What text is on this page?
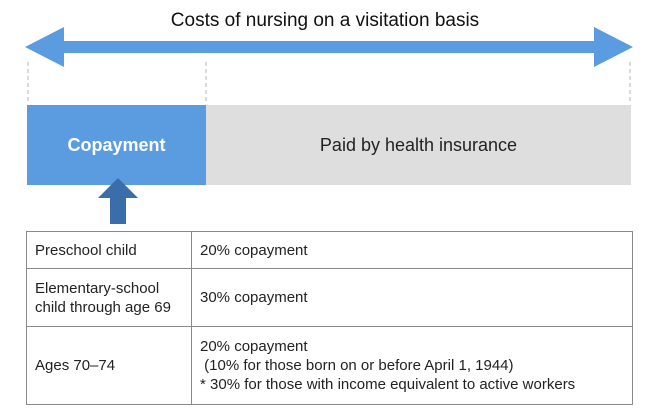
Costs of nursing on a visitation basis
Copayment	Paid by health insurance
Preschool child	20% copayment

Elementary-school
child through age 69	30% copayment

Ages 70–74	20% copayment
(10% for those born on or before April 1, 1944)
* 30% for those with income equivalent to active workers
